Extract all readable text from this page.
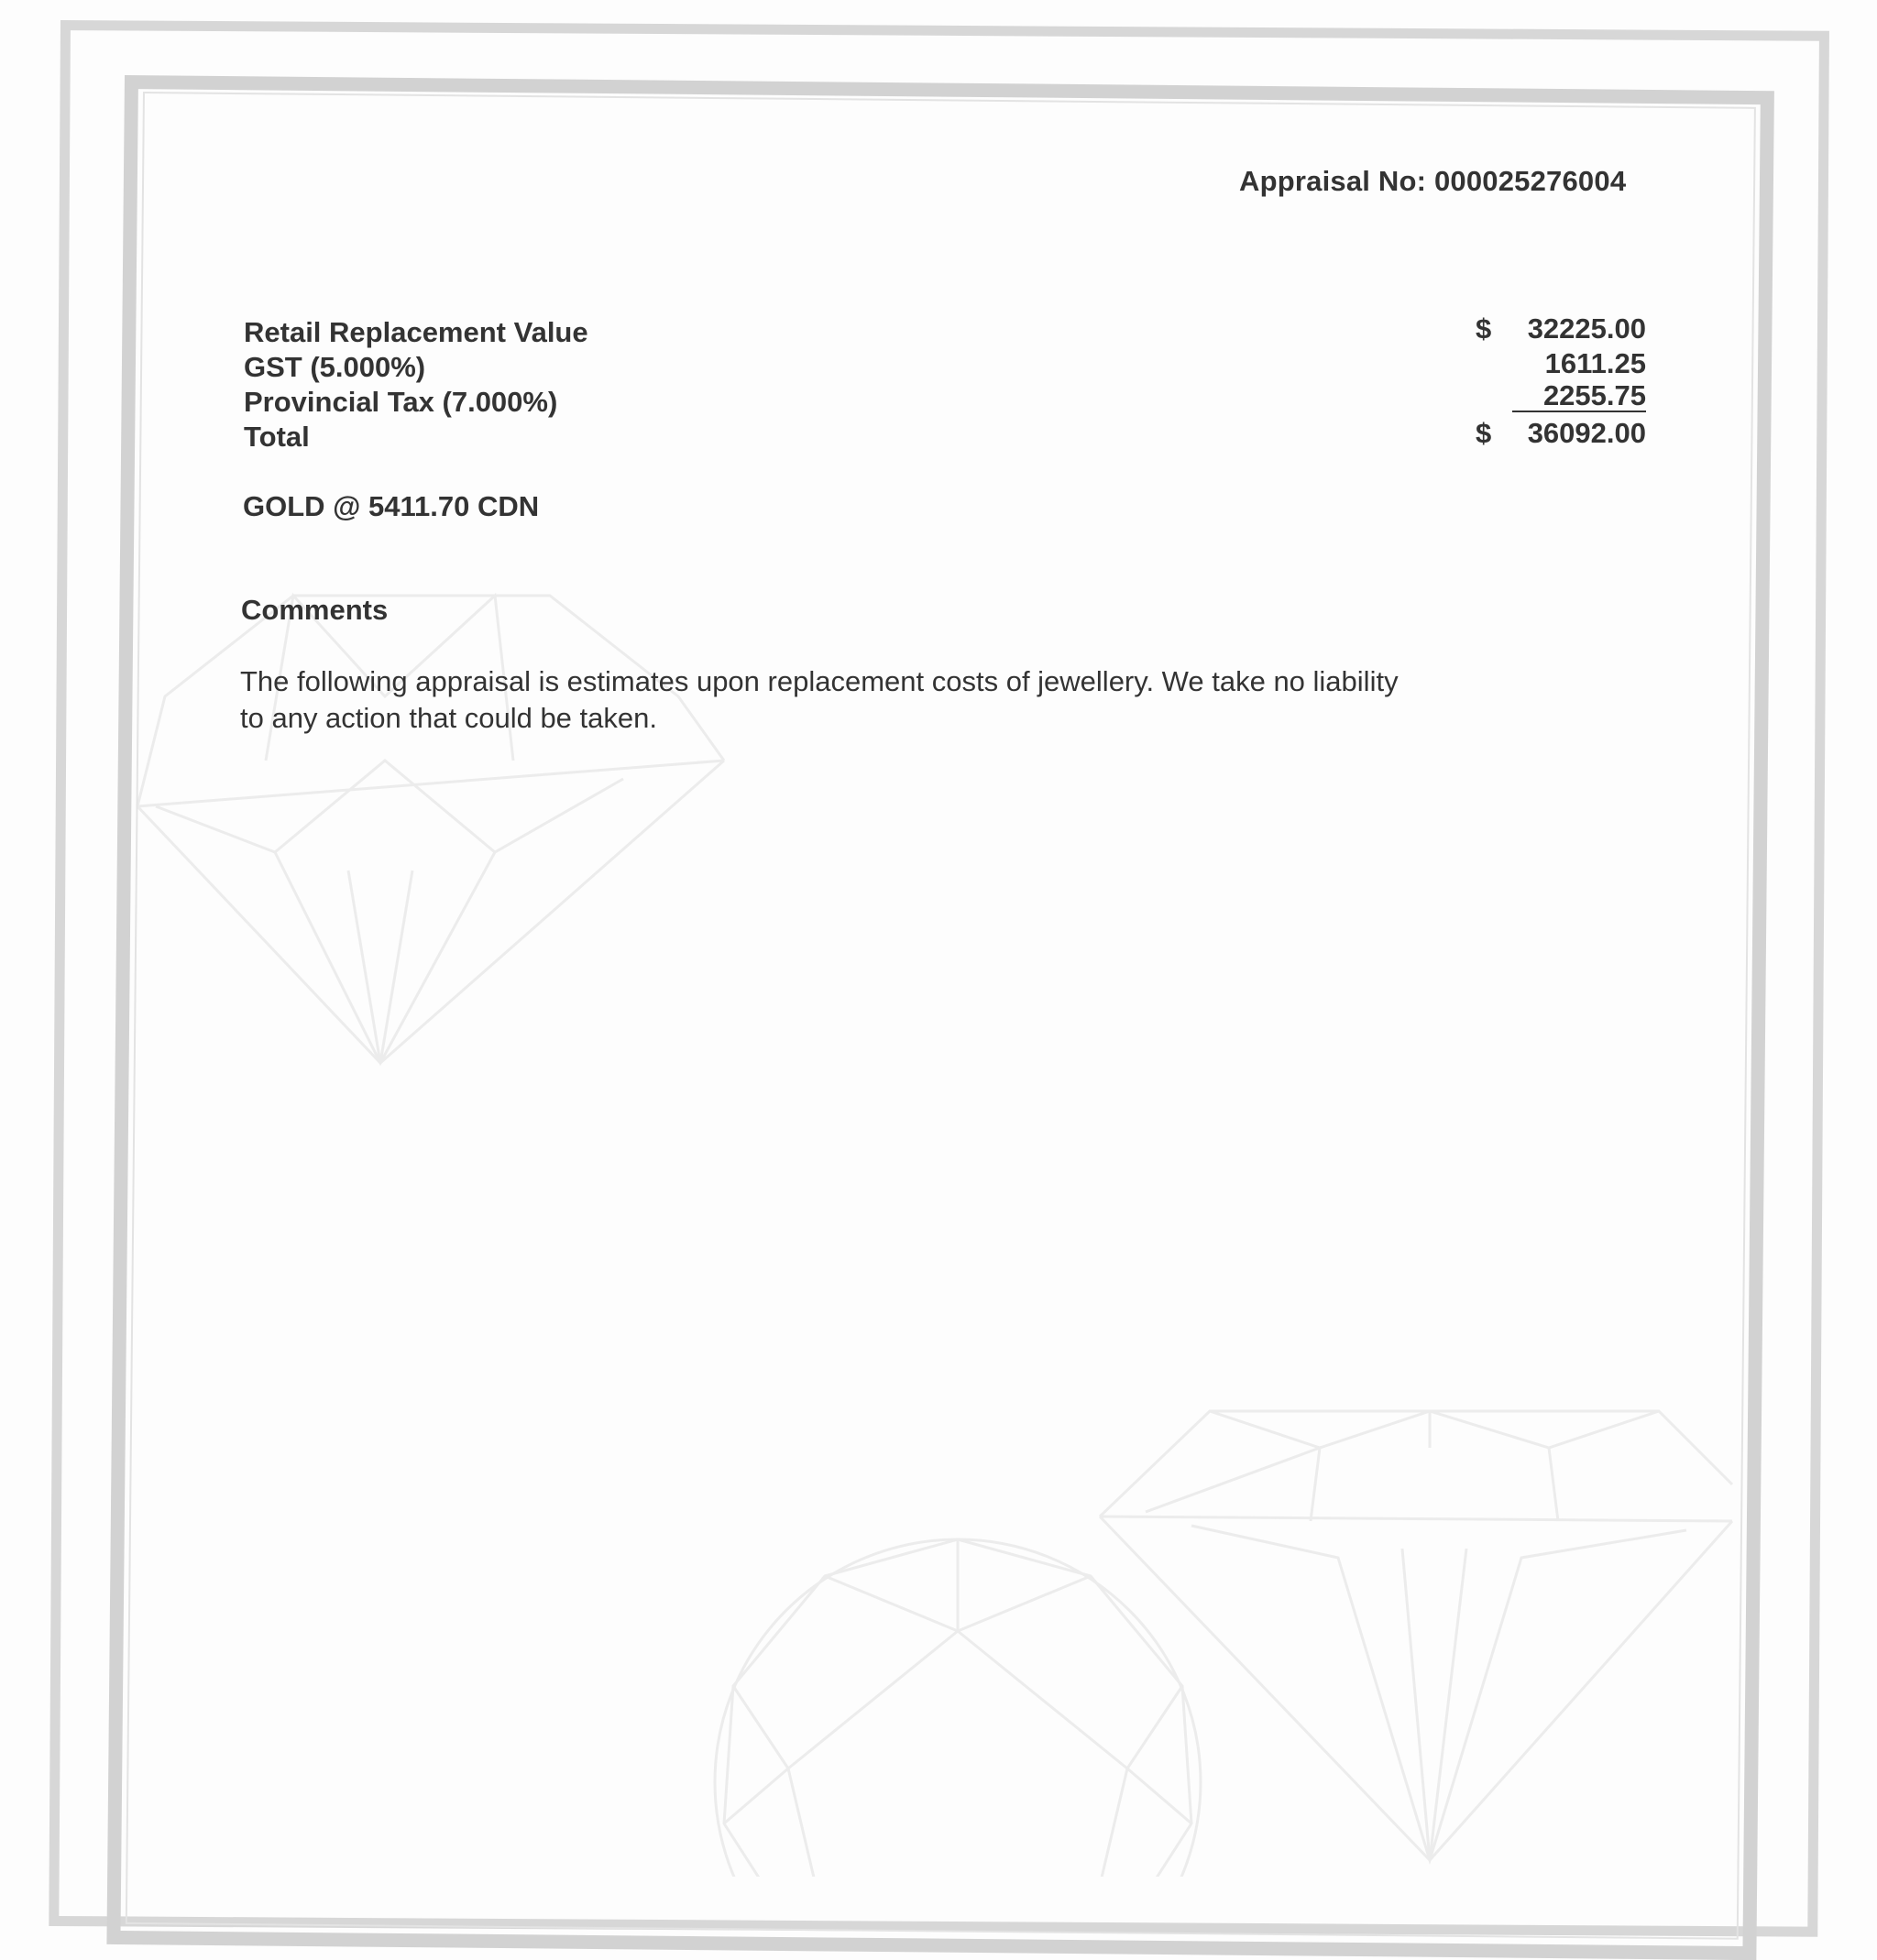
Appraisal No: 000025276004
Retail Replacement Value
GST (5.000%)
Provincial Tax (7.000%)
Total
$ 32225.00
1611.25
2255.75
$ 36092.00
GOLD @ 5411.70 CDN
Comments
The following appraisal is estimates upon replacement costs of jewellery. We take no liability
to any action that could be taken.
